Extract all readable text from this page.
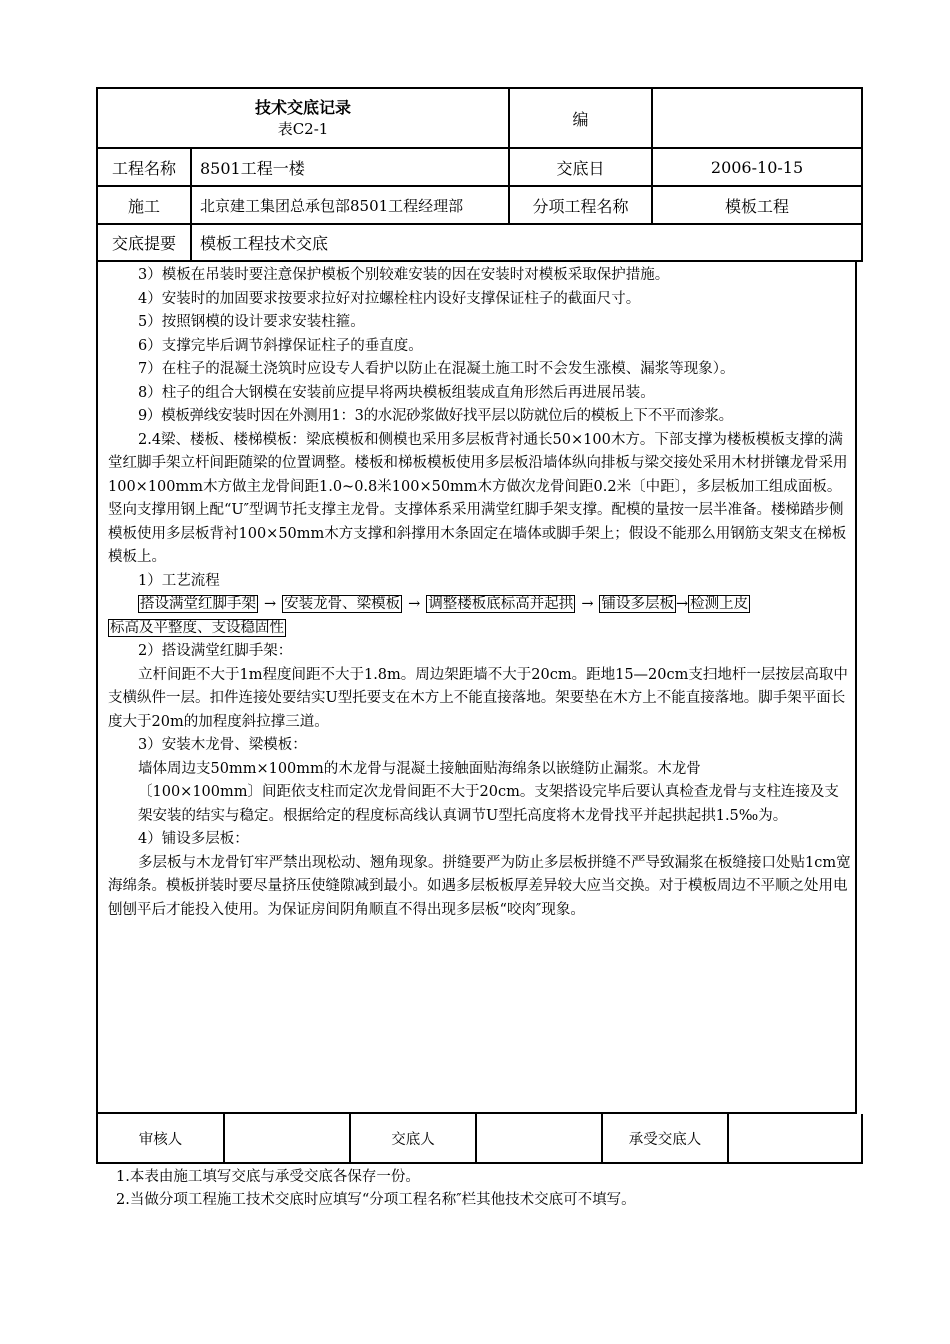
技术交底记录
表C2-1		编	
工程名称	8501工程一楼	交底日	2006-10-15
施工	北京建工集团总承包部8501工程经理部	分项工程名称	模板工程
交底提要	模板工程技术交底		

3）模板在吊装时要注意保护模板个别较难安装的因在安装时对模板采取保护措施。

4）安装时的加固要求按要求拉好对拉螺栓柱内设好支撑保证柱子的截面尺寸。

5）按照钢模的设计要求安装柱箍。

6）支撑完毕后调节斜撑保证柱子的垂直度。

7）在柱子的混凝土浇筑时应设专人看护以防止在混凝土施工时不会发生涨模、漏浆等现象）。

8）柱子的组合大钢模在安装前应提早将两块模板组装成直角形然后再进展吊装。

9）模板弹线安装时因在外测用1：3的水泥砂浆做好找平层以防就位后的模板上下不平而渗浆。

2.4梁、楼板、楼梯模板：梁底模板和侧模也采用多层板背衬通长50×100木方。下部支撑为楼板模板支撑的满堂红脚手架立杆间距随梁的位置调整。楼板和梯板模板使用多层板沿墙体纵向排板与梁交接处采用木材拼镶龙骨采用100×100mm木方做主龙骨间距1.0~0.8米100×50mm木方做次龙骨间距0.2米〔中距〕，多层板加工组成面板。竖向支撑用钢上配“U″型调节托支撑主龙骨。支撑体系采用满堂红脚手架支撑。配模的量按一层半准备。楼梯踏步侧模板使用多层板背衬100×50mm木方支撑和斜撑用木条固定在墙体或脚手架上；假设不能那么用钢筋支架支在梯板模板上。

1）工艺流程

搭设满堂红脚手架 → 安装龙骨、梁模板 → 调整楼板底标高并起拱 → 铺设多层板 → 检测上皮

标高及平整度、支设稳固性

2）搭设满堂红脚手架：

立杆间距不大于1m程度间距不大于1.8m。周边架距墙不大于20cm。距地15—20cm支扫地杆一层按层高取中支横纵件一层。扣件连接处要结实U型托要支在木方上不能直接落地。架要垫在木方上不能直接落地。脚手架平面长度大于20m的加程度斜拉撑三道。

3）安装木龙骨、梁模板：

墙体周边支50mm×100mm的木龙骨与混凝土接触面贴海绵条以嵌缝防止漏浆。木龙骨

〔100×100mm〕间距依支柱而定次龙骨间距不大于20cm。支架搭设完毕后要认真检查龙骨与支柱连接及支架安装的结实与稳定。根据给定的程度标高线认真调节U型托高度将木龙骨找平并起拱起拱1.5‰为。

4）铺设多层板：

多层板与木龙骨钉牢严禁出现松动、翘角现象。拼缝要严为防止多层板拼缝不严导致漏浆在板缝接口处贴1cm宽海绵条。模板拼装时要尽量挤压使缝隙减到最小。如遇多层板板厚差异较大应当交换。对于模板周边不平顺之处用电刨刨平后才能投入使用。为保证房间阴角顺直不得出现多层板“咬肉″现象。

审核人		交底人		承受交底人	

1.本表由施工填写交底与承受交底各保存一份。

2.当做分项工程施工技术交底时应填写“分项工程名称″栏其他技术交底可不填写。
